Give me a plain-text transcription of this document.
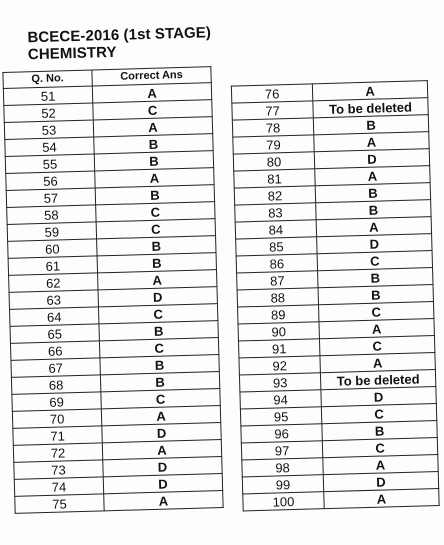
BCECE-2016 (1st STAGE)
CHEMISTRY
Q. No.	Correct Ans
51	A
52	C
53	A
54	B
55	B
56	A
57	B
58	C
59	C
60	B
61	B
62	A
63	D
64	C
65	B
66	C
67	B
68	B
69	C
70	A
71	D
72	A
73	D
74	D
75	A
76	A
77	To be deleted
78	B
79	A
80	D
81	A
82	B
83	B
84	A
85	D
86	C
87	B
88	B
89	C
90	A
91	C
92	A
93	To be deleted
94	D
95	C
96	B
97	C
98	A
99	D
100	A
